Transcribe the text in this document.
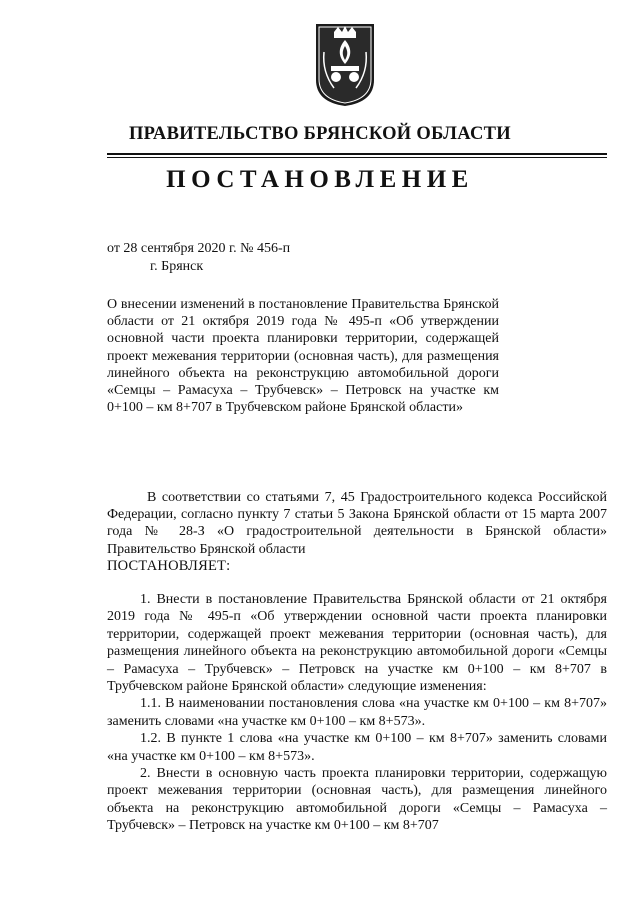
ПРАВИТЕЛЬСТВО БРЯНСКОЙ ОБЛАСТИ
ПОСТАНОВЛЕНИЕ
от 28 сентября 2020 г. № 456-п
г. Брянск

О внесении изменений в постановление Правительства Брянской области от 21 октября 2019 года № 495-п «Об утверждении основной части проекта планировки территории, содержащей проект межевания территории (основная часть), для размещения линейного объекта на реконструкцию автомобильной дороги «Семцы – Рамасуха – Трубчевск» – Петровск на участке км 0+100 – км 8+707 в Трубчевском районе Брянской области»

В соответствии со статьями 7, 45 Градостроительного кодекса Российской Федерации, согласно пункту 7 статьи 5 Закона Брянской области от 15 марта 2007 года № 28-З «О градостроительной деятельности в Брянской области» Правительство Брянской области

ПОСТАНОВЛЯЕТ:

1. Внести в постановление Правительства Брянской области от 21 октября 2019 года № 495-п «Об утверждении основной части проекта планировки территории, содержащей проект межевания территории (основная часть), для размещения линейного объекта на реконструкцию автомобильной дороги «Семцы – Рамасуха – Трубчевск» – Петровск на участке км 0+100 – км 8+707 в Трубчевском районе Брянской области» следующие изменения:

1.1. В наименовании постановления слова «на участке км 0+100 – км 8+707» заменить словами «на участке км 0+100 – км 8+573».

1.2. В пункте 1 слова «на участке км 0+100 – км 8+707» заменить словами «на участке км 0+100 – км 8+573».

2. Внести в основную часть проекта планировки территории, содержащую проект межевания территории (основная часть), для размещения линейного объекта на реконструкцию автомобильной дороги «Семцы – Рамасуха – Трубчевск» – Петровск на участке км 0+100 – км 8+707
